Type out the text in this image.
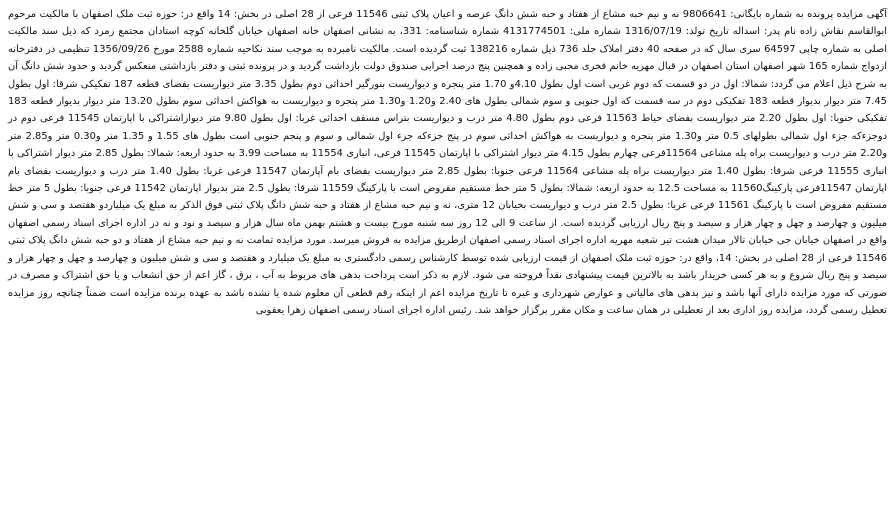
آگهی مزایده پرونده به شماره بایگانی: 9806641 نه و نیم حبه مشاع از هفتاد و حبه شش دانگ عرصه و اعیان پلاک ثبتی 11546 فرعی از 28 اصلی در بخش: 14 واقع در: حوزه ثبت ملک اصفهان با مالکیت مرحوم ابوالقاسم نقاش زاده نام پدر: اسداله تاریخ تولد: 1316/07/19 شماره ملی: 4131774501 شماره شناسنامه: 331، به نشانی اصفهان خانه اصفهان خیابان گلخانه کوچه استادان مجتمع زمرد که ذیل سند مالکیت اصلی به شماره چاپی 64597 سری سال که در صفحه 40 دفتر املاک جلد 736 ذیل شماره 138216 ثبت گردیده است. مالکیت نامبرده به موجب سند نکاحیه شماره 2588 مورخ 1356/09/26 تنظیمی در دفترخانه ازدواج شماره 165 شهر اصفهان استان اصفهان در قبال مهریه خانم فخری محبی زاده و همچنین پنج درصد اجرایی صندوق دولت بازداشت گردید و در پرونده ثبتی و دفتر بازداشتی منعکس گردید و حدود شش دانگ آن به شرح ذیل اعلام می گردد: شمالا: اول در دو قسمت که دوم غربی است اول بطول 4.10و 1.70 متر پنجره و دیواریست بنورگیر احداثی دوم بطول 3.35 متر دیواریست بفضای قطعه 187 تفکیکی شرقا: اول بطول 7.45 متر دیوار بدیوار قطعه 183 تفکیکی دوم در سه قسمت که اول جنوبی و سوم شمالی بطول های 2.40 و1.20 و1.30 متر پنجره و دیواریست به هواکش احداثی سوم بطول 13.20 متر دیوار بدیوار قطعه 183 تفکیکی جنوبا: اول بطول 2.20 متر دیواریست بفضای حیاط 11563 فرعی دوم بطول 4.80 متر درب و دیواریست بتراس مسقف احداثی غربا: اول بطول 9.80 متر دیواراشتراکی با اپارتمان 11545 فرعی دوم در دوجزءکه جزء اول شمالی بطولهای 0.5 متر و1.30 متر پنجره و دیواریست به هواکش احداثی سوم در پنج جزءکه جزء اول شمالی و سوم و پنجم جنوبی است بطول های 1.55 و 1.35 متر و0.30 متر و2.85 متر و2.20 متر درب و دیواریست براه پله مشاعی 11564فرعی چهارم بطول 4.15 متر دیوار اشتراکی با اپارتمان 11545 فرعی، انباری 11554 به مساحت 3.99 به حدود اربعه: شمالا: بطول 2.85 متر دیوار اشتراکی با انباری 11555 فرعی شرقا: بطول 1.40 متر دیواریست براه پله مشاعی 11564 فرعی جنوبا: بطول 2.85 متر دیواریست بفضای بام آپارتمان 11547 فرعی غربا: بطول 1.40 متر درب و دیواریست بفضای بام اپارتمان 11547فرعی پارکینگ11560 به مساحت 12.5 به حدود اربعه: شمالا: بطول 5 متر خط مستقیم مفروض است با پارکینگ 11559 شرقا: بطول 2.5 متر بدیوار اپارتمان 11542 فرعی جنوبا: بطول 5 متر خط مستقیم مفروض است با پارکینگ 11561 فرعی غربا: بطول 2.5 متر درب و دیواریست بخیابان 12 متری، نه و نیم حبه مشاع از هفتاد و حبه شش دانگ پلاک ثبتی فوق الذکر به مبلغ یک میلیاردو هفتصد و سی و شش میلیون و چهارصد و چهل و چهار هزار و سیصد و پنج ریال ارزیابی گردیده است. از ساعت 9 الی 12 روز سه شنبه مورخ بیست و هشتم بهمن ماه سال هزار و سیصد و نود و نه در اداره اجرای اسناد رسمی اصفهان واقع در اصفهان خیابان جی خیابان تالار میدان هشت تیر شعبه مهریه اداره اجرای اسناد رسمی اصفهان ازطریق مزایده به فروش میرسد. مورد مزایده تمامت نه و نیم حبه مشاع از هفتاد و دو حبه شش دانگ پلاک ثبتی 11546 فرعی از 28 اصلی در بخش: 14، واقع در: حوزه ثبت ملک اصفهان از قیمت ارزیابی شده توسط کارشناس رسمی دادگستری به مبلغ یک میلیارد و هفتصد و سی و شش میلیون و چهارصد و چهل و چهار هزار و سیصد و پنج ریال شروع و به هر کسی خریدار باشد به بالاترین قیمت پیشنهادی نقداً فروخته می شود. لازم به ذکر است پرداخت بدهی های مربوط به آب ، برق ، گاز اعم از حق انشعاب و یا حق اشتراک و مصرف در صورتی که مورد مزایده دارای آنها باشد و نیز بدهی های مالیاتی و عوارض شهرداری و غیره تا تاریخ مزایده اعم از اینکه رقم قطعی آن معلوم شده یا نشده باشد به عهده برنده مزایده است ضمناً چنانچه روز مزایده تعطیل رسمی گردد، مزایده روز اداری بعد از تعطیلی در همان ساعت و مکان مقرر برگزار خواهد شد. رئیس اداره اجرای اسناد رسمی اصفهان زهرا یعقوبی
